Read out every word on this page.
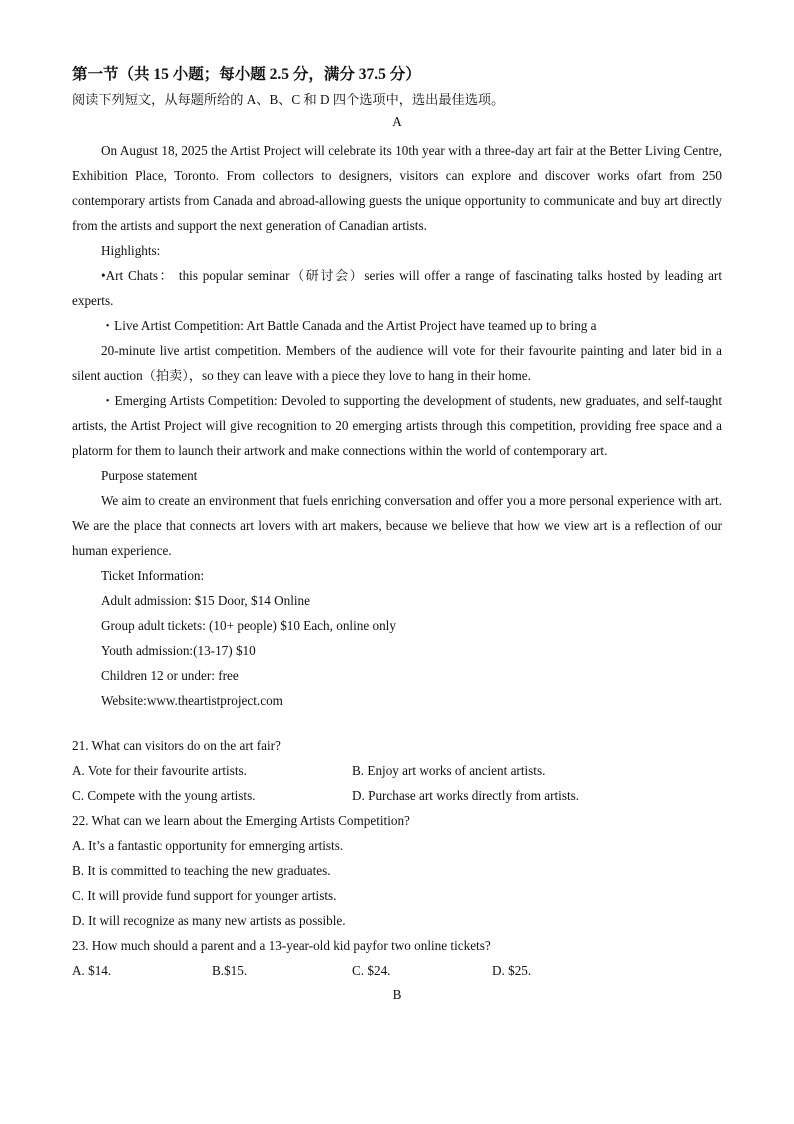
第一节（共 15 小题；每小题 2.5 分，满分 37.5 分）
阅读下列短文，从每题所给的 A、B、C 和 D 四个选项中，选出最佳选项。
A

On August 18, 2025 the Artist Project will celebrate its 10th year with a three-day art fair at the Better Living Centre, Exhibition Place, Toronto. From collectors to designers, visitors can explore and discover works ofart from 250 contemporary artists from Canada and abroad-allowing guests the unique opportunity to communicate and buy art directly from the artists and support the next generation of Canadian artists.

Highlights:

•Art Chats： this popular seminar（研讨会）series will offer a range of fascinating talks hosted by leading art experts.

・Live Artist Competition: Art Battle Canada and the Artist Project have teamed up to bring a

20-minute live artist competition. Members of the audience will vote for their favourite painting and later bid in a silent auction（拍卖），so they can leave with a piece they love to hang in their home.

・Emerging Artists Competition: Devoled to supporting the development of students, new graduates, and self-taught artists, the Artist Project will give recognition to 20 emerging artists through this competition, providing free space and a platorm for them to launch their artwork and make connections within the world of contemporary art.

Purpose statement

We aim to create an environment that fuels enriching conversation and offer you a more personal experience with art. We are the place that connects art lovers with art makers, because we believe that how we view art is a reflection of our human experience.

Ticket Information:

Adult admission: $15 Door, $14 Online

Group adult tickets: (10+ people) $10 Each, online only

Youth admission:(13-17) $10

Children 12 or under: free

Website:www.theartistproject.com

21. What can visitors do on the art fair?
A. Vote for their favourite artists.	B. Enjoy art works of ancient artists.
C. Compete with the young artists.	D. Purchase art works directly from artists.
22. What can we learn about the Emerging Artists Competition?
A. It’s a fantastic opportunity for emnerging artists.
B. It is committed to teaching the new graduates.
C. It will provide fund support for younger artists.
D. It will recognize as many new artists as possible.
23. How much should a parent and a 13-year-old kid payfor two online tickets?
A. $14.	B.$15.	C. $24.	D. $25.
B
